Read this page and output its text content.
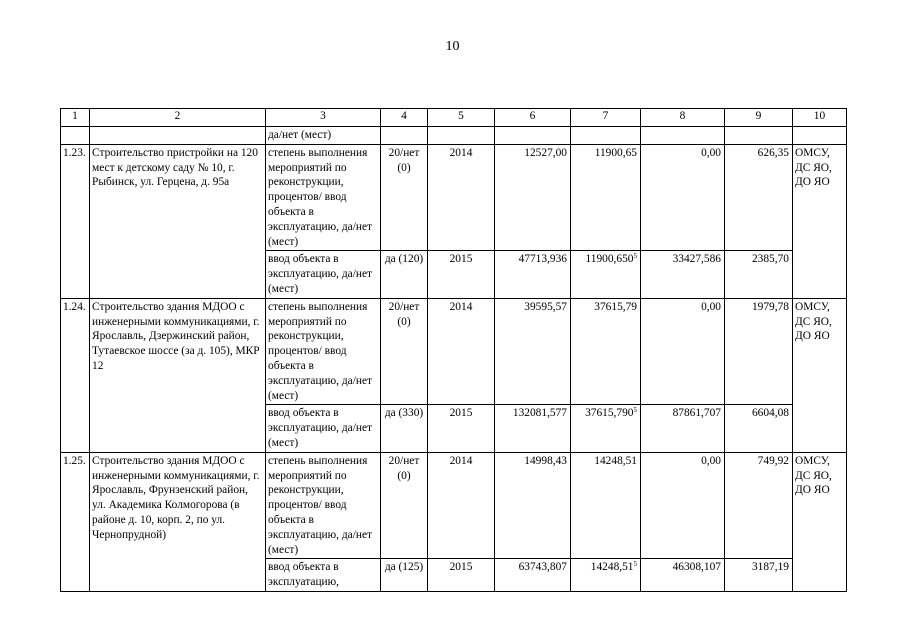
10
1	2	3	4	5	6	7	8	9	10
		да/нет (мест)							
1.23.	Строительство пристройки на 120 мест к детскому саду № 10, г. Рыбинск, ул. Герцена, д. 95а	степень выполнения мероприятий по реконструкции, процентов/ ввод объекта в эксплуатацию, да/нет (мест)	20/нет (0)	2014	12527,00	11900,65	0,00	626,35	ОМСУ, ДС ЯО, ДО ЯО
		ввод объекта в эксплуатацию, да/нет (мест)	да (120)	2015	47713,936	11900,650$^5$	33427,586	2385,70	
1.24.	Строительство здания МДОО с инженерными коммуникациями, г. Ярославль, Дзержинский район, Тутаевское шоссе (за д. 105), МКР 12	степень выполнения мероприятий по реконструкции, процентов/ ввод объекта в эксплуатацию, да/нет (мест)	20/нет (0)	2014	39595,57	37615,79	0,00	1979,78	ОМСУ, ДС ЯО, ДО ЯО
		ввод объекта в эксплуатацию, да/нет (мест)	да (330)	2015	132081,577	37615,790$^5$	87861,707	6604,08	
1.25.	Строительство здания МДОО с инженерными коммуникациями, г. Ярославль, Фрунзенский район, ул. Академика Колмогорова (в районе д. 10, корп. 2, по ул. Чернопрудной)	степень выполнения мероприятий по реконструкции, процентов/ ввод объекта в эксплуатацию, да/нет (мест)	20/нет (0)	2014	14998,43	14248,51	0,00	749,92	ОМСУ, ДС ЯО, ДО ЯО
		ввод объекта в эксплуатацию,	да (125)	2015	63743,807	14248,51$^5$	46308,107	3187,19	
